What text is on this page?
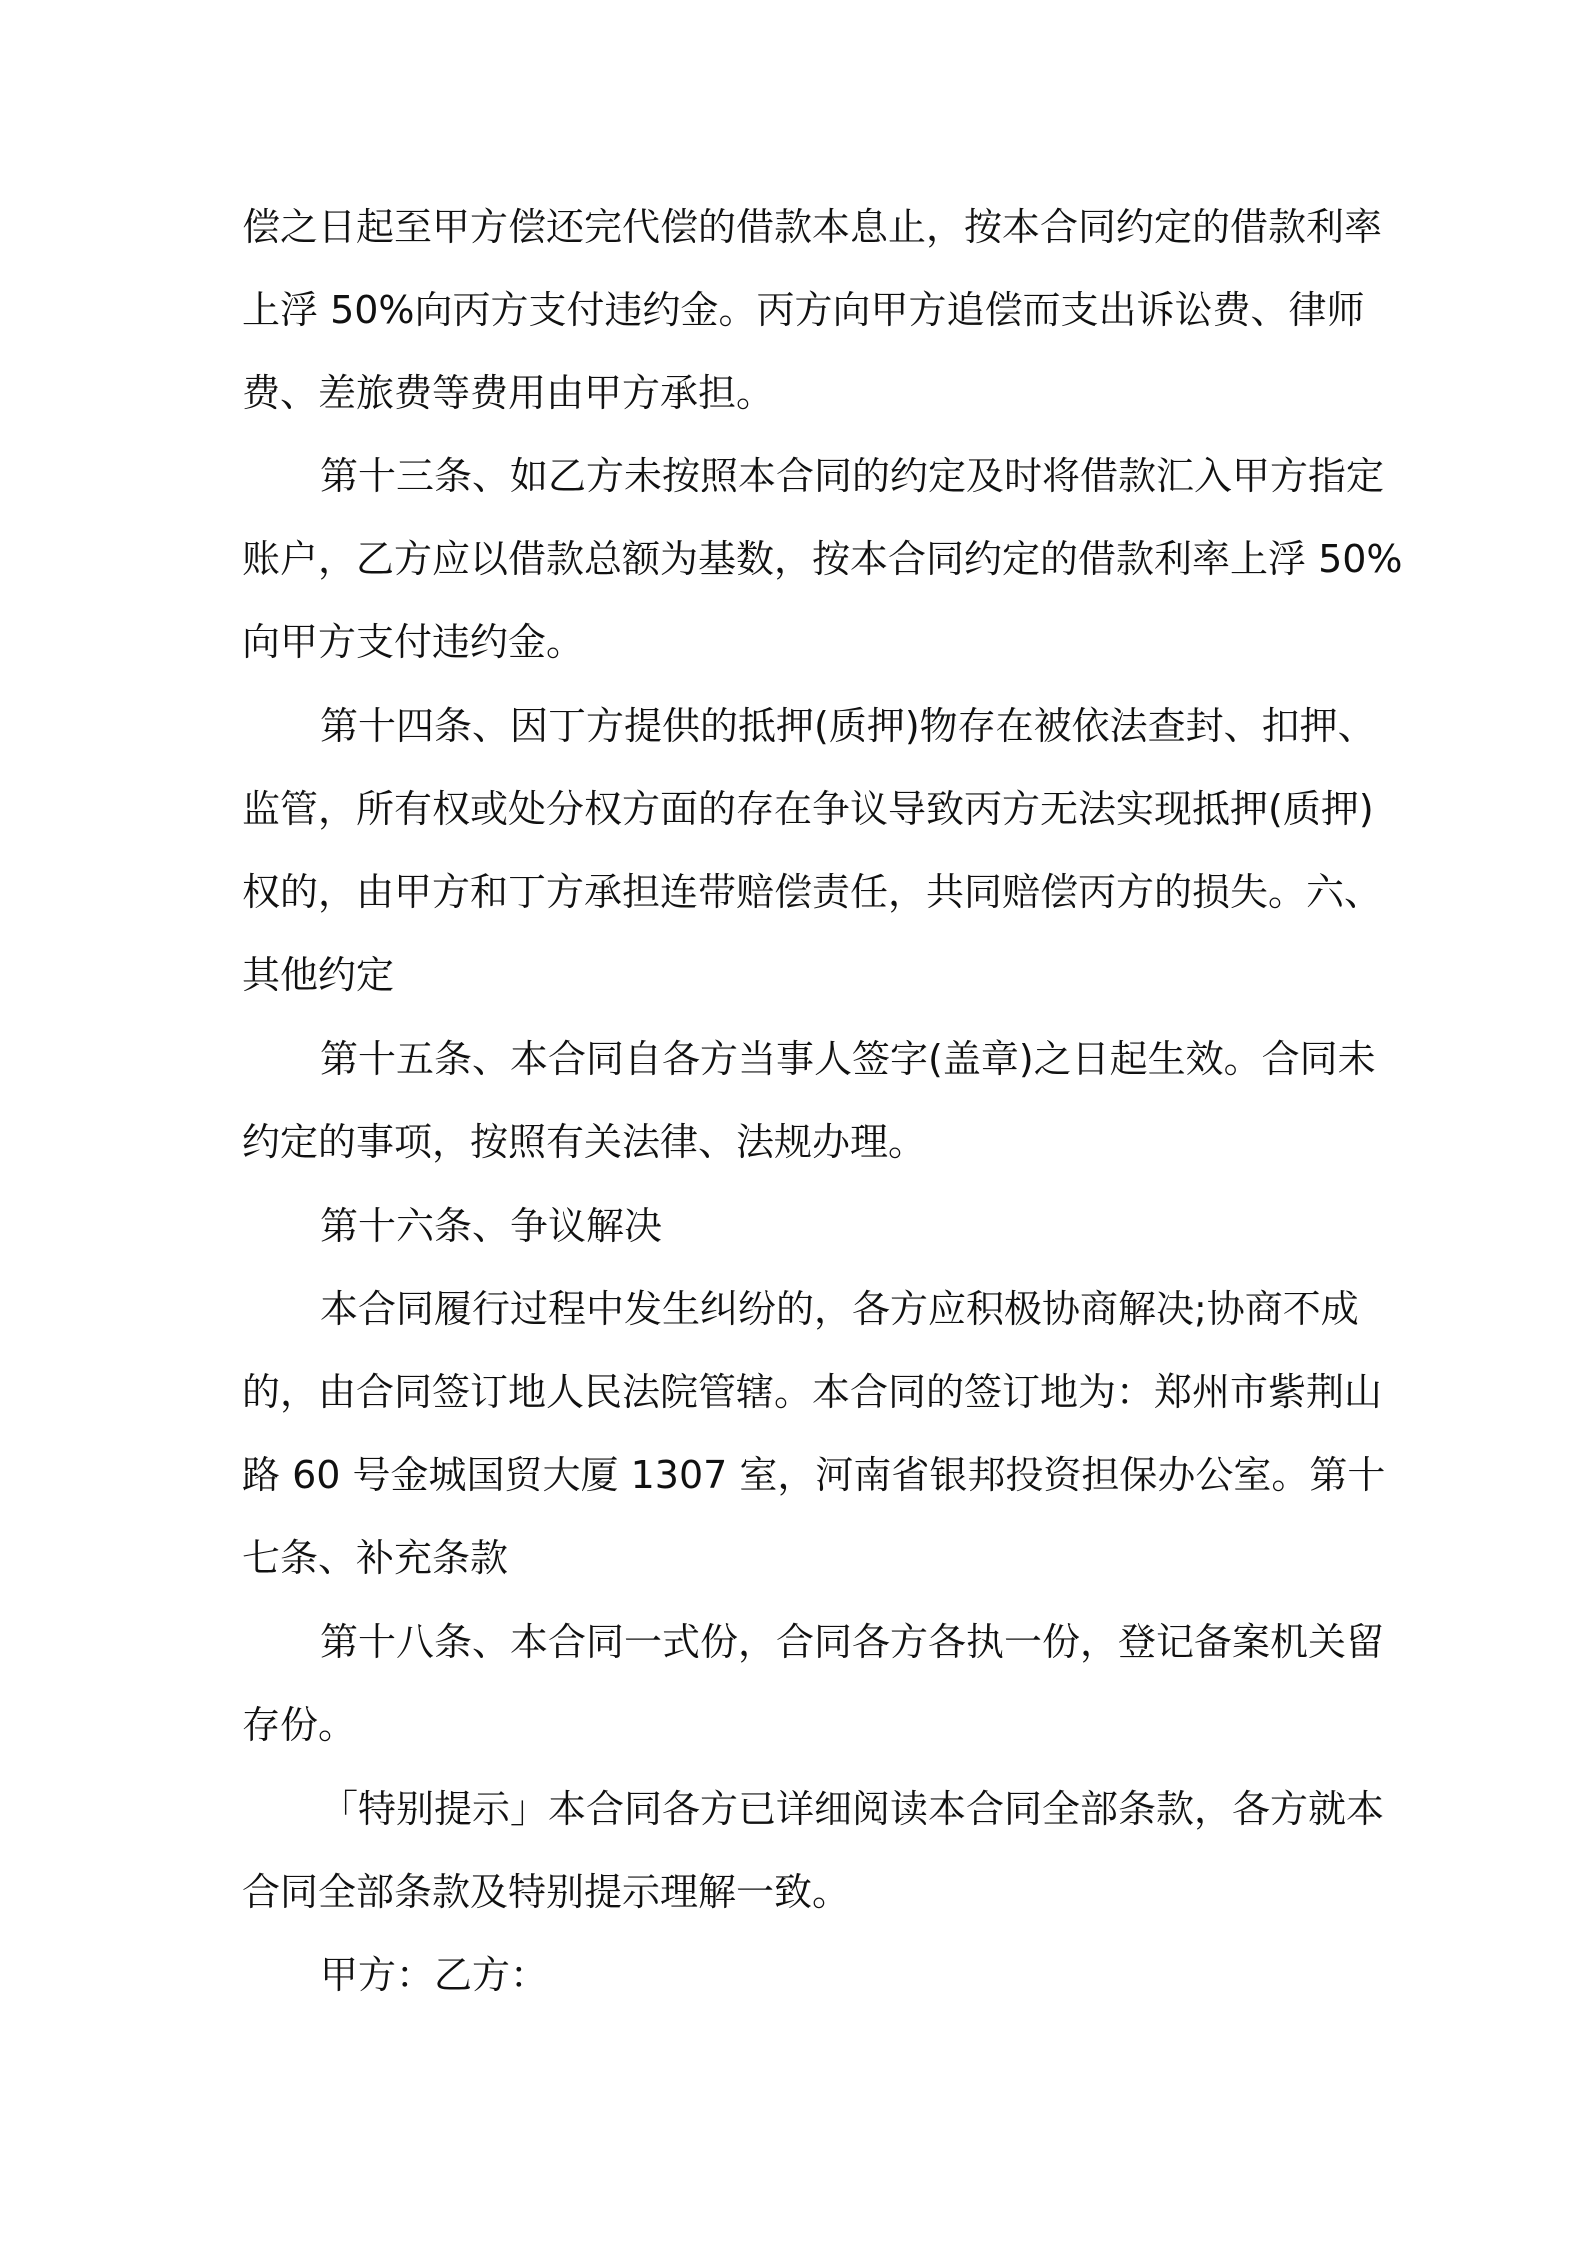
偿之日起至甲方偿还完代偿的借款本息止，按本合同约定的借款利率
上浮 50%向丙方支付违约金。丙方向甲方追偿而支出诉讼费、律师
费、差旅费等费用由甲方承担。
第十三条、如乙方未按照本合同的约定及时将借款汇入甲方指定
账户，乙方应以借款总额为基数，按本合同约定的借款利率上浮 50%
向甲方支付违约金。
第十四条、因丁方提供的抵押(质押)物存在被依法查封、扣押、
监管，所有权或处分权方面的存在争议导致丙方无法实现抵押(质押)
权的，由甲方和丁方承担连带赔偿责任，共同赔偿丙方的损失。六、
其他约定
第十五条、本合同自各方当事人签字(盖章)之日起生效。合同未
约定的事项，按照有关法律、法规办理。
第十六条、争议解决
本合同履行过程中发生纠纷的，各方应积极协商解决;协商不成
的，由合同签订地人民法院管辖。本合同的签订地为：郑州市紫荆山
路 60 号金城国贸大厦 1307 室，河南省银邦投资担保办公室。第十
七条、补充条款
第十八条、本合同一式份，合同各方各执一份，登记备案机关留
存份。
「特别提示」本合同各方已详细阅读本合同全部条款，各方就本
合同全部条款及特别提示理解一致。
甲方：乙方：
